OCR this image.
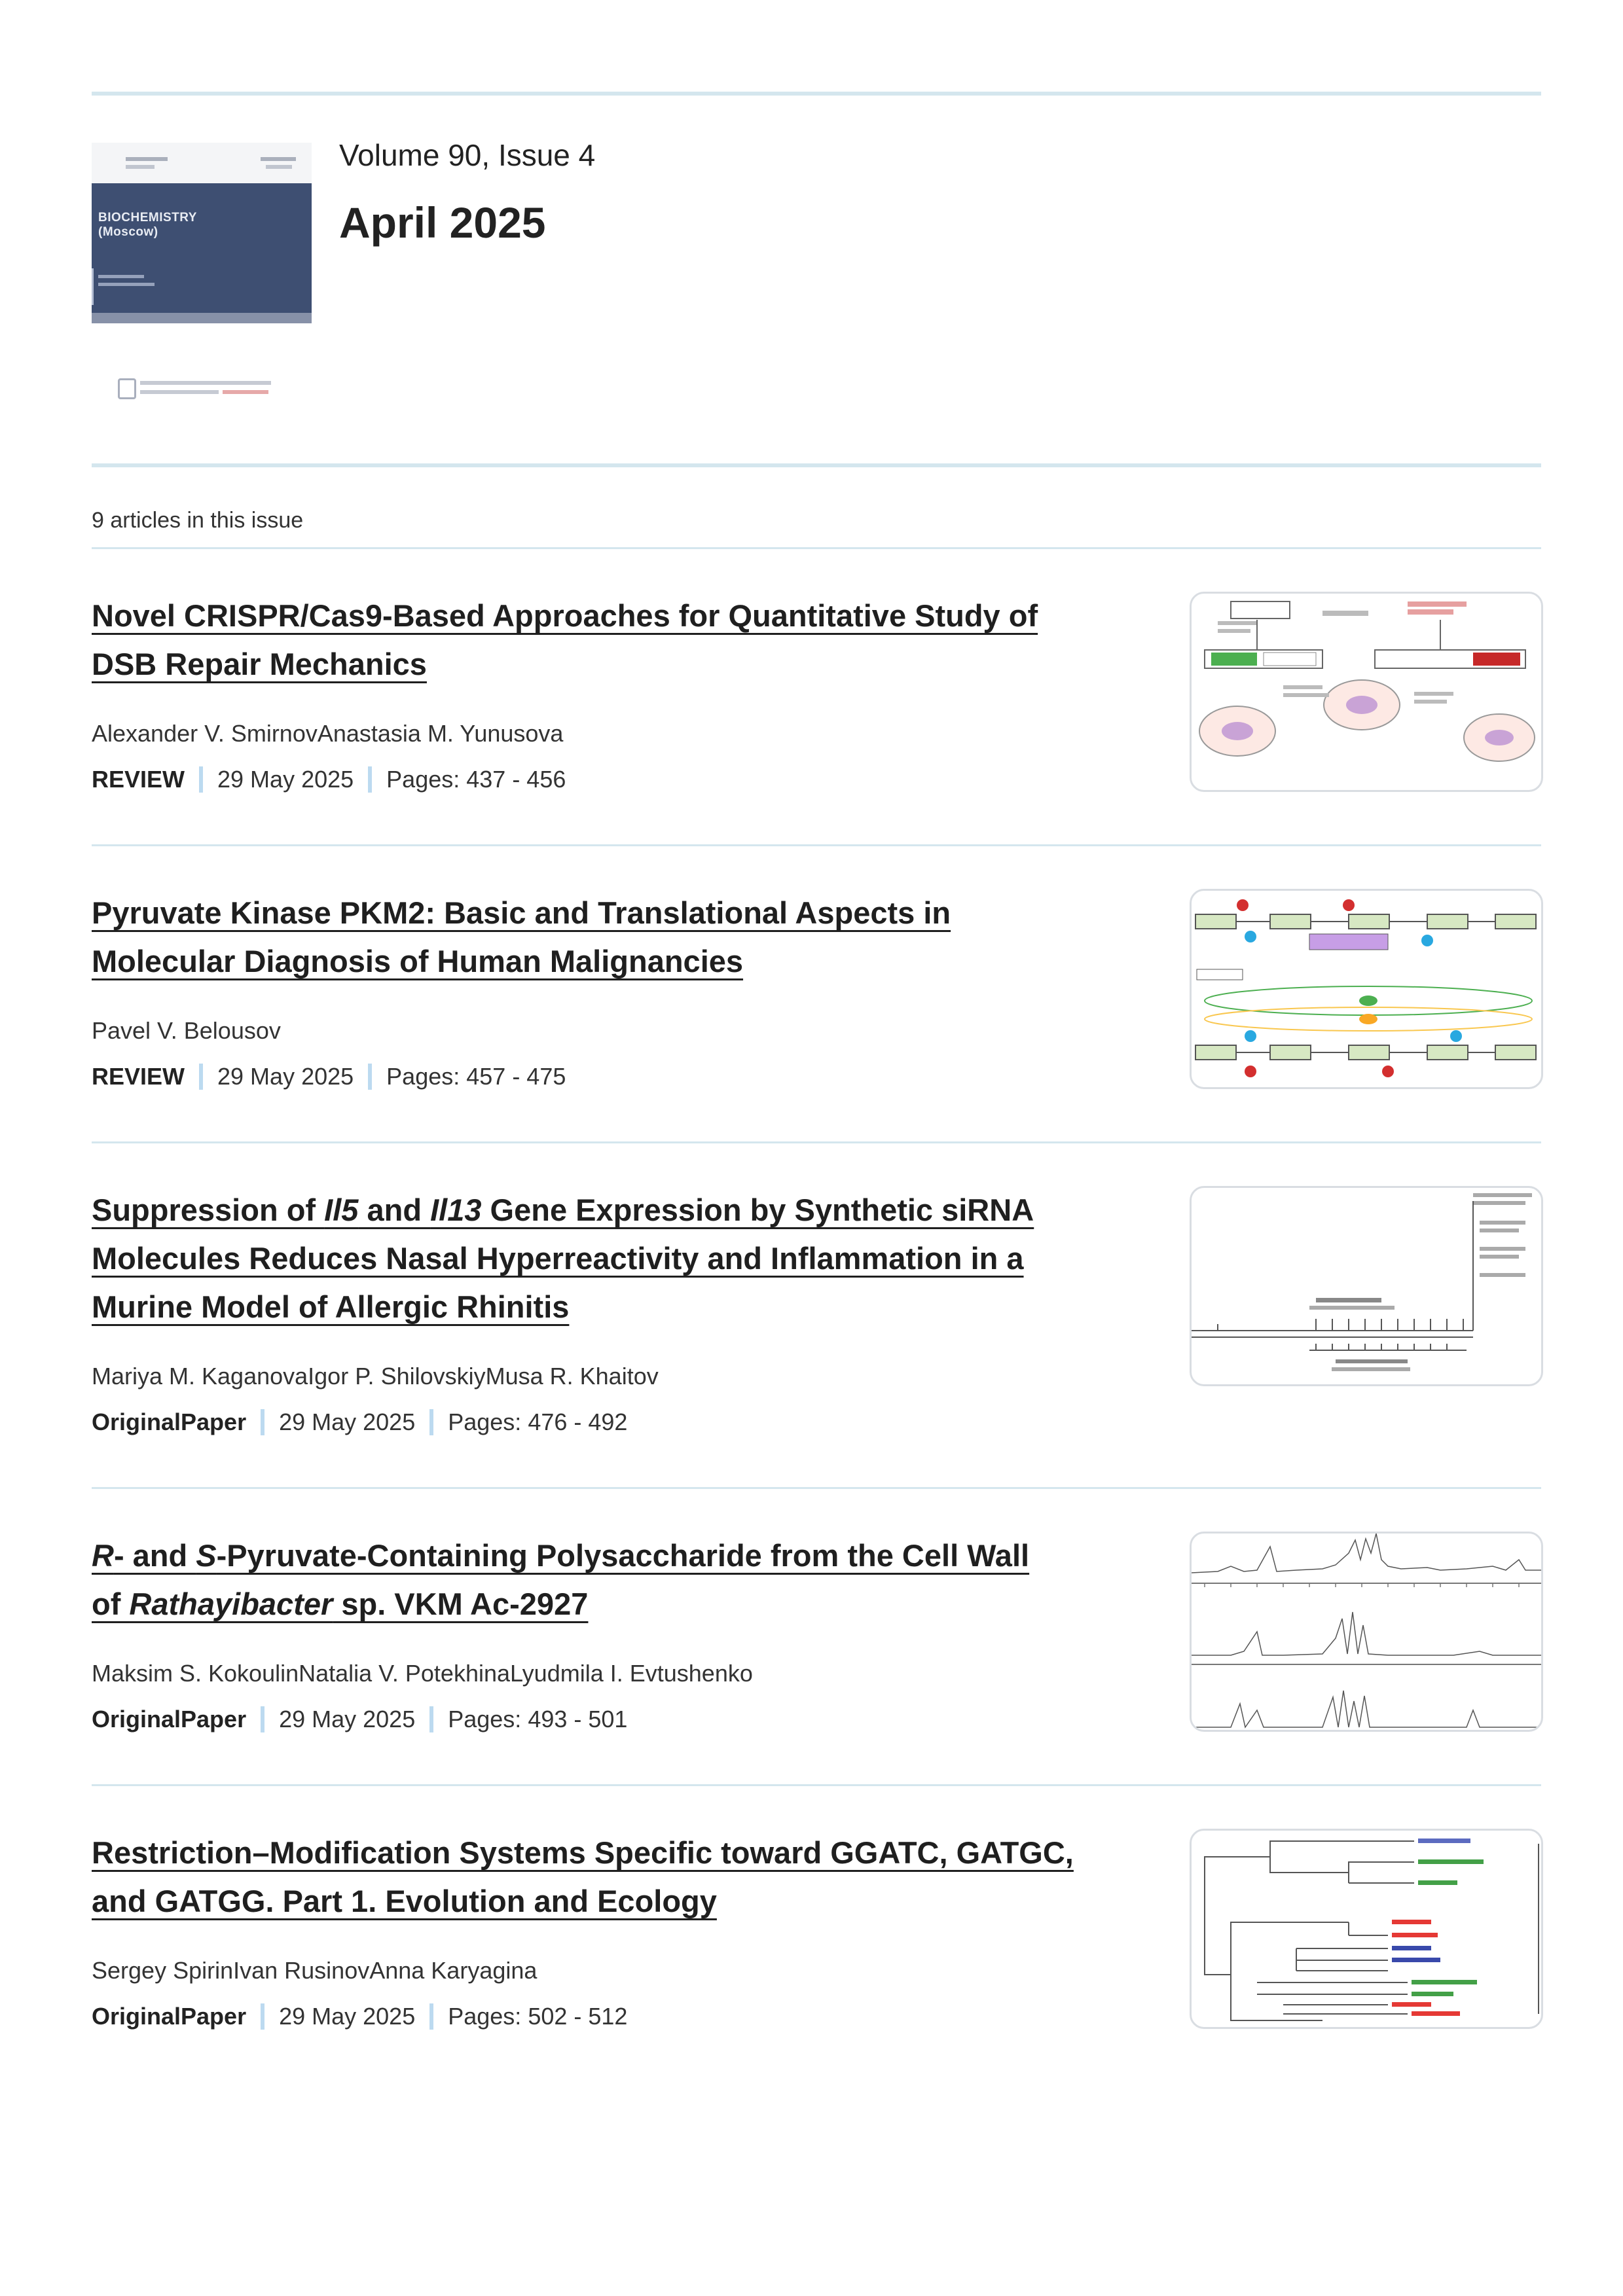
BIOCHEMISTRY
(Moscow)
Volume 90, Issue 4
April 2025
9 articles in this issue
Novel CRISPR/Cas9-Based Approaches for Quantitative Study of
DSB Repair Mechanics
Alexander V. SmirnovAnastasia M. Yunusova
REVIEW 29 May 2025 Pages: 437 - 456
Pyruvate Kinase PKM2: Basic and Translational Aspects in
Molecular Diagnosis of Human Malignancies
Pavel V. Belousov
REVIEW 29 May 2025 Pages: 457 - 475
Suppression of Il5 and Il13 Gene Expression by Synthetic siRNA
Molecules Reduces Nasal Hyperreactivity and Inflammation in a
Murine Model of Allergic Rhinitis
Mariya M. KaganovaIgor P. ShilovskiyMusa R. Khaitov
OriginalPaper 29 May 2025 Pages: 476 - 492
R- and S-Pyruvate-Containing Polysaccharide from the Cell Wall
of Rathayibacter sp. VKM Ac-2927
Maksim S. KokoulinNatalia V. PotekhinaLyudmila I. Evtushenko
OriginalPaper 29 May 2025 Pages: 493 - 501
Restriction–Modification Systems Specific toward GGATC, GATGC,
and GATGG. Part 1. Evolution and Ecology
Sergey SpirinIvan RusinovAnna Karyagina
OriginalPaper 29 May 2025 Pages: 502 - 512
